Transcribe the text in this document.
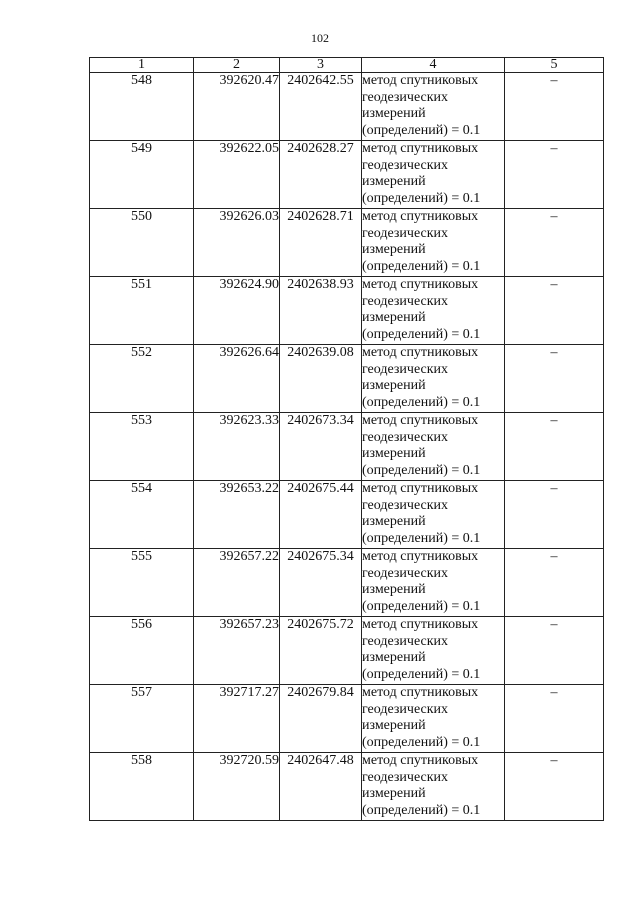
102
1	2	3	4	5
548	392620.47	2402642.55	метод спутниковых
геодезических
измерений
(определений) = 0.1	–
549	392622.05	2402628.27	метод спутниковых
геодезических
измерений
(определений) = 0.1	–
550	392626.03	2402628.71	метод спутниковых
геодезических
измерений
(определений) = 0.1	–
551	392624.90	2402638.93	метод спутниковых
геодезических
измерений
(определений) = 0.1	–
552	392626.64	2402639.08	метод спутниковых
геодезических
измерений
(определений) = 0.1	–
553	392623.33	2402673.34	метод спутниковых
геодезических
измерений
(определений) = 0.1	–
554	392653.22	2402675.44	метод спутниковых
геодезических
измерений
(определений) = 0.1	–
555	392657.22	2402675.34	метод спутниковых
геодезических
измерений
(определений) = 0.1	–
556	392657.23	2402675.72	метод спутниковых
геодезических
измерений
(определений) = 0.1	–
557	392717.27	2402679.84	метод спутниковых
геодезических
измерений
(определений) = 0.1	–
558	392720.59	2402647.48	метод спутниковых
геодезических
измерений
(определений) = 0.1	–
